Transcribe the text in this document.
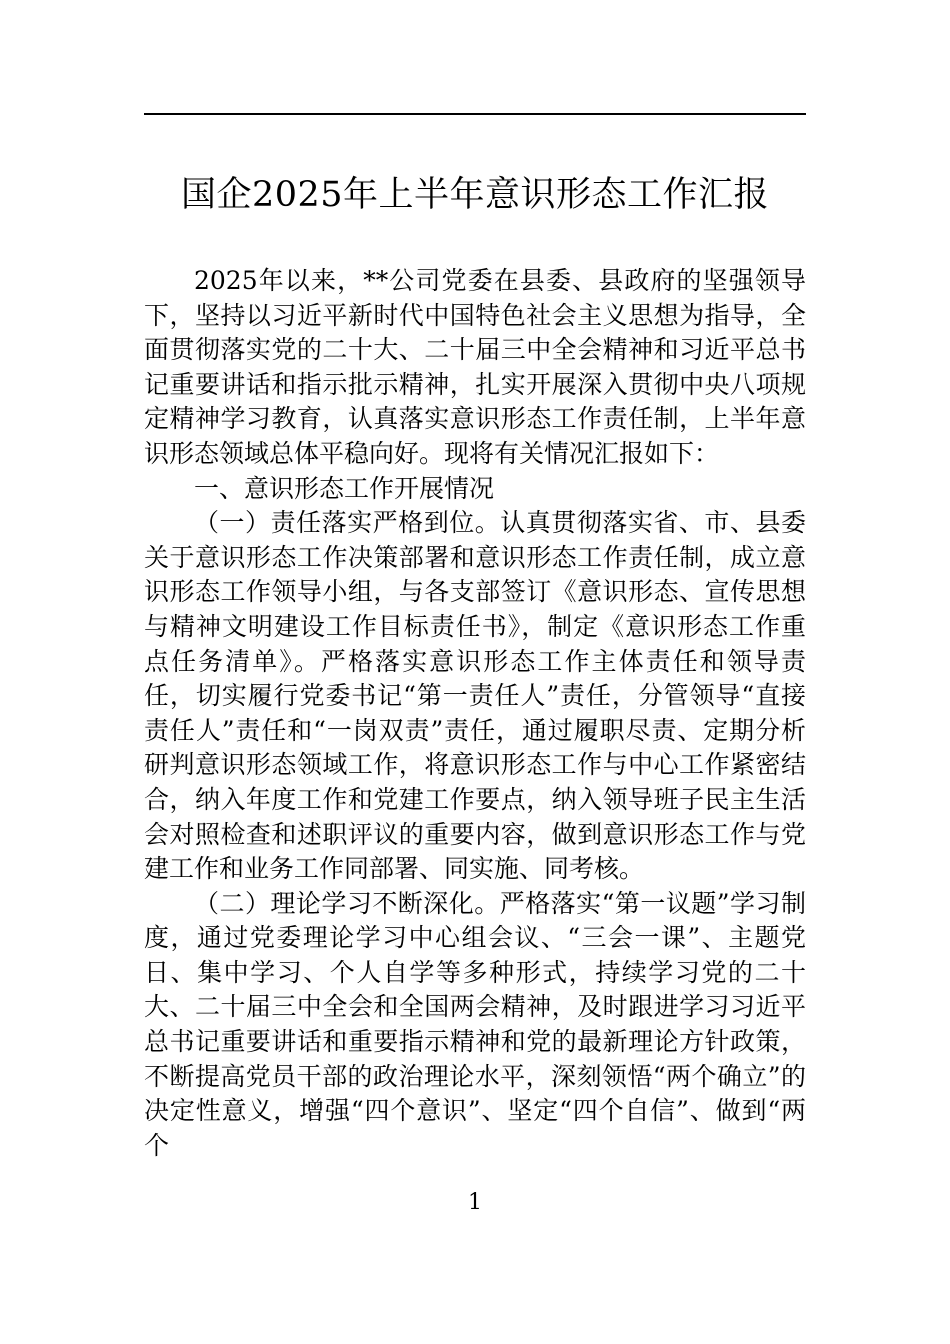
国企2025年上半年意识形态工作汇报

2025年以来，**公司党委在县委、县政府的坚强领导下，坚持以习近平新时代中国特色社会主义思想为指导，全面贯彻落实党的二十大、二十届三中全会精神和习近平总书记重要讲话和指示批示精神，扎实开展深入贯彻中央八项规定精神学习教育，认真落实意识形态工作责任制，上半年意识形态领域总体平稳向好。现将有关情况汇报如下：

一、意识形态工作开展情况

（一）责任落实严格到位。认真贯彻落实省、市、县委关于意识形态工作决策部署和意识形态工作责任制，成立意识形态工作领导小组，与各支部签订《意识形态、宣传思想与精神文明建设工作目标责任书》，制定《意识形态工作重点任务清单》。严格落实意识形态工作主体责任和领导责任，切实履行党委书记“第一责任人”责任，分管领导“直接责任人”责任和“一岗双责”责任，通过履职尽责、定期分析研判意识形态领域工作，将意识形态工作与中心工作紧密结合，纳入年度工作和党建工作要点，纳入领导班子民主生活会对照检查和述职评议的重要内容，做到意识形态工作与党建工作和业务工作同部署、同实施、同考核。

（二）理论学习不断深化。严格落实“第一议题”学习制度，通过党委理论学习中心组会议、“三会一课”、主题党日、集中学习、个人自学等多种形式，持续学习党的二十大、二十届三中全会和全国两会精神，及时跟进学习习近平总书记重要讲话和重要指示精神和党的最新理论方针政策，不断提高党员干部的政治理论水平，深刻领悟“两个确立”的决定性意义，增强“四个意识”、坚定“四个自信”、做到“两个

1
